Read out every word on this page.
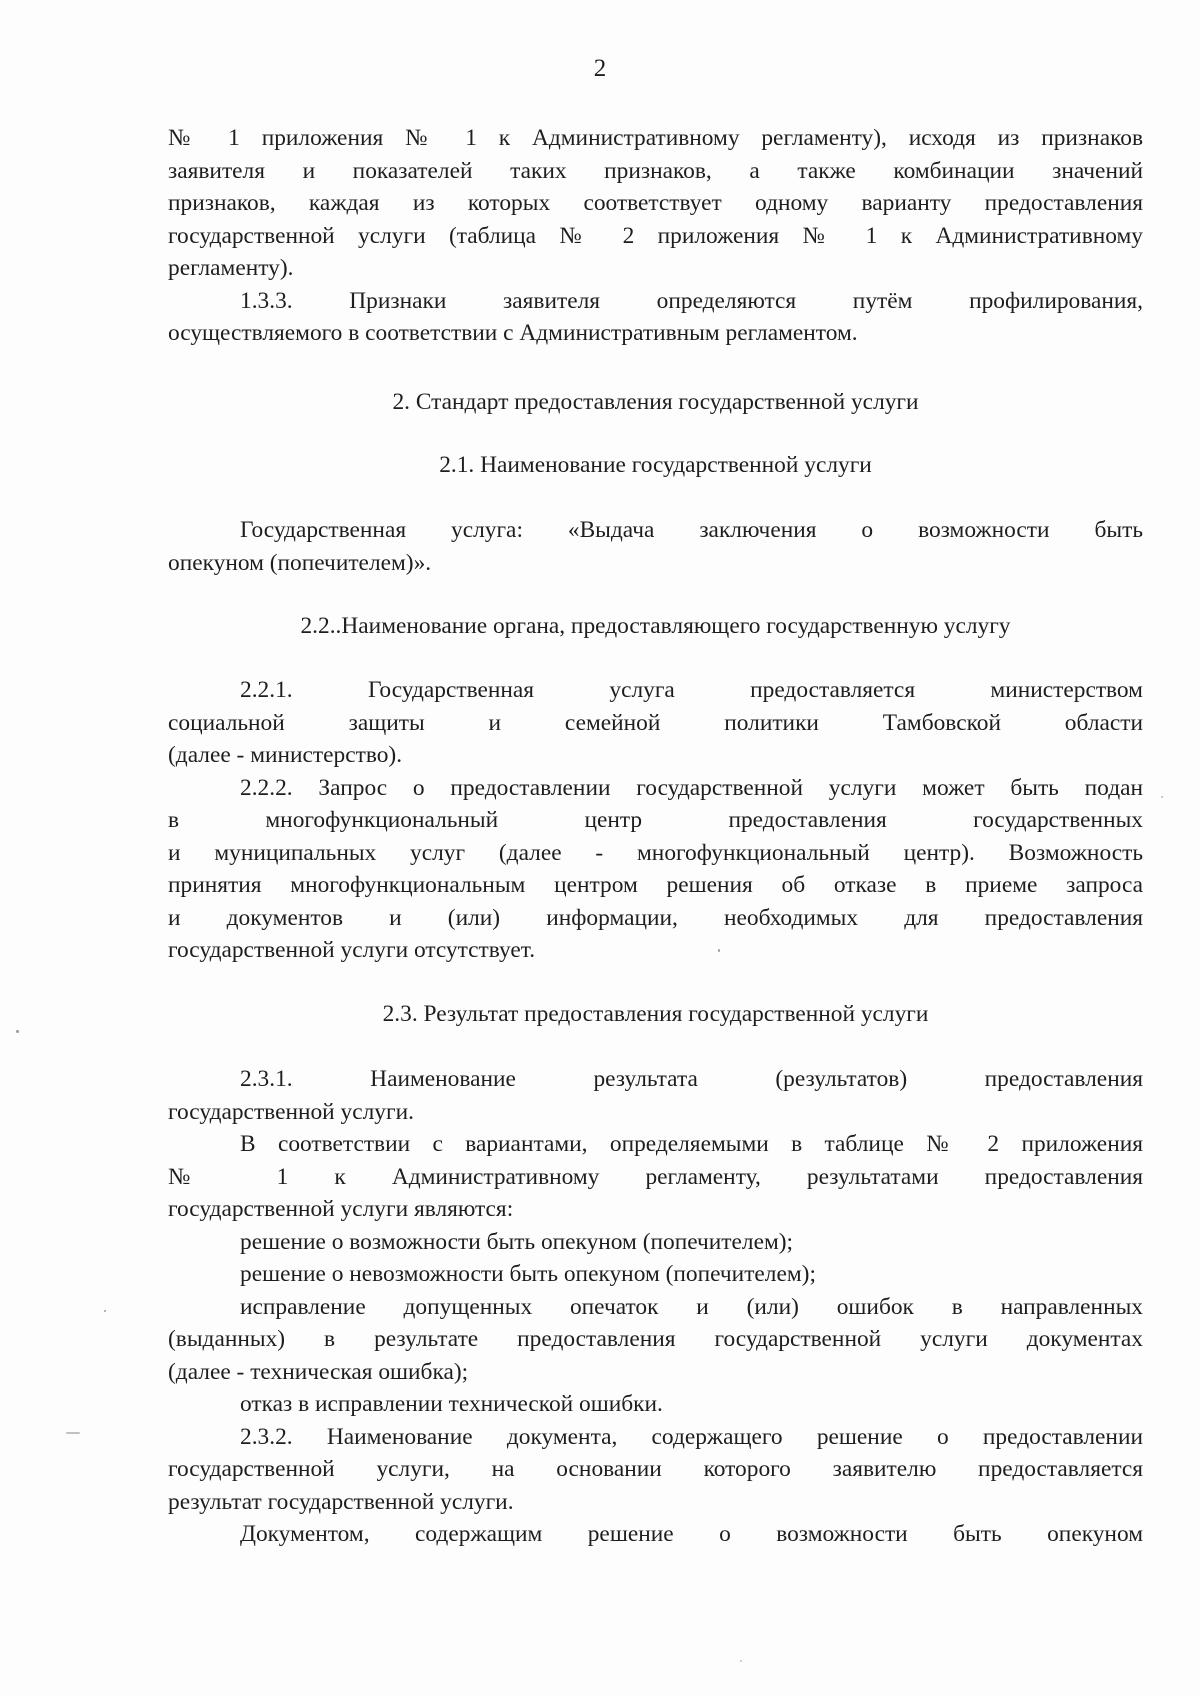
2

№ 1 приложения № 1 к Административному регламенту), исходя из признаков

заявителя и показателей таких признаков, а также комбинации значений

признаков, каждая из которых соответствует одному варианту предоставления

государственной услуги (таблица № 2 приложения № 1 к Административному

регламенту).

1.3.3. Признаки заявителя определяются путём профилирования,

осуществляемого в соответствии с Административным регламентом.

2. Стандарт предоставления государственной услуги
2.1. Наименование государственной услуги

Государственная услуга: «Выдача заключения о возможности быть

опекуном (попечителем)».

2.2..Наименование органа, предоставляющего государственную услугу

2.2.1. Государственная услуга предоставляется министерством

социальной защиты и семейной политики Тамбовской области

(далее - министерство).

2.2.2. Запрос о предоставлении государственной услуги может быть подан

в многофункциональный центр предоставления государственных

и муниципальных услуг (далее - многофункциональный центр). Возможность

принятия многофункциональным центром решения об отказе в приеме запроса

и документов и (или) информации, необходимых для предоставления

государственной услуги отсутствует.

2.3. Результат предоставления государственной услуги

2.3.1. Наименование результата (результатов) предоставления

государственной услуги.

В соответствии с вариантами, определяемыми в таблице № 2 приложения

№ 1 к Административному регламенту, результатами предоставления

государственной услуги являются:

решение о возможности быть опекуном (попечителем);

решение о невозможности быть опекуном (попечителем);

исправление допущенных опечаток и (или) ошибок в направленных

(выданных) в результате предоставления государственной услуги документах

(далее - техническая ошибка);

отказ в исправлении технической ошибки.

2.3.2. Наименование документа, содержащего решение о предоставлении

государственной услуги, на основании которого заявителю предоставляется

результат государственной услуги.

Документом, содержащим решение о возможности быть опекуном
